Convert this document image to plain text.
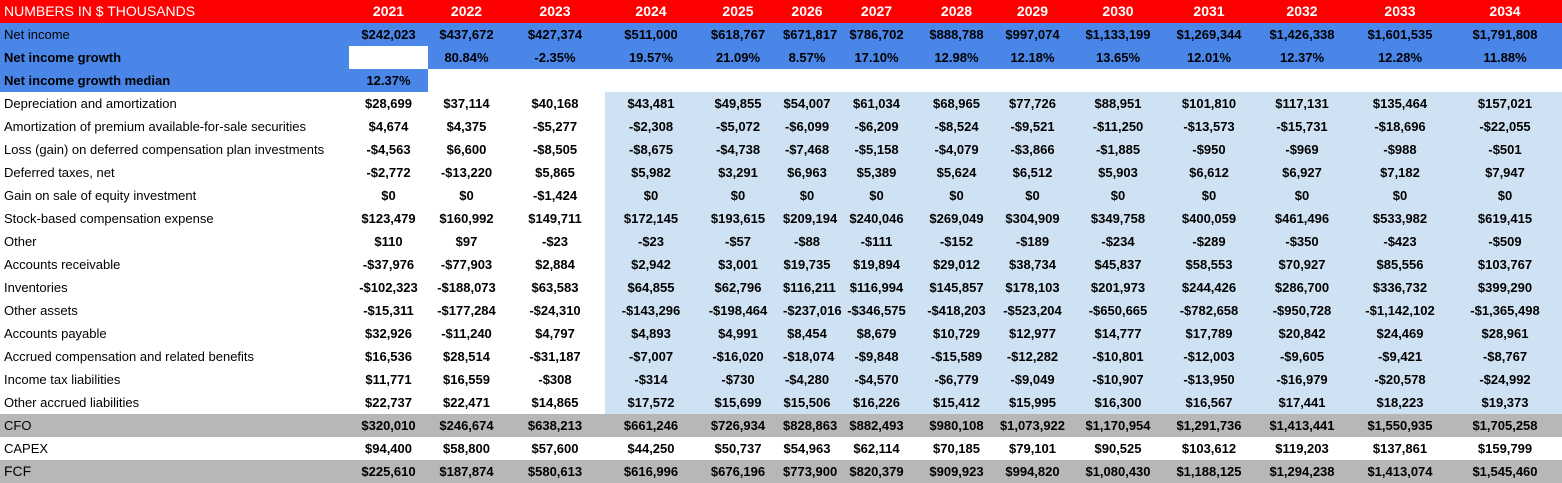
NUMBERS IN $ THOUSANDS	2021	2022	2023	2024	2025	2026	2027	2028	2029	2030	2031	2032	2033	2034
Net income	$242,023	$437,672	$427,374	$511,000	$618,767	$671,817	$786,702	$888,788	$997,074	$1,133,199	$1,269,344	$1,426,338	$1,601,535	$1,791,808
Net income growth		80.84%	-2.35%	19.57%	21.09%	8.57%	17.10%	12.98%	12.18%	13.65%	12.01%	12.37%	12.28%	11.88%
Net income growth median	12.37%													
Depreciation and amortization	$28,699	$37,114	$40,168	$43,481	$49,855	$54,007	$61,034	$68,965	$77,726	$88,951	$101,810	$117,131	$135,464	$157,021
Amortization of premium available-for-sale securities	$4,674	$4,375	-$5,277	-$2,308	-$5,072	-$6,099	-$6,209	-$8,524	-$9,521	-$11,250	-$13,573	-$15,731	-$18,696	-$22,055
Loss (gain) on deferred compensation plan investments	-$4,563	$6,600	-$8,505	-$8,675	-$4,738	-$7,468	-$5,158	-$4,079	-$3,866	-$1,885	-$950	-$969	-$988	-$501
Deferred taxes, net	-$2,772	-$13,220	$5,865	$5,982	$3,291	$6,963	$5,389	$5,624	$6,512	$5,903	$6,612	$6,927	$7,182	$7,947
Gain on sale of equity investment	$0	$0	-$1,424	$0	$0	$0	$0	$0	$0	$0	$0	$0	$0	$0
Stock-based compensation expense	$123,479	$160,992	$149,711	$172,145	$193,615	$209,194	$240,046	$269,049	$304,909	$349,758	$400,059	$461,496	$533,982	$619,415
Other	$110	$97	-$23	-$23	-$57	-$88	-$111	-$152	-$189	-$234	-$289	-$350	-$423	-$509
Accounts receivable	-$37,976	-$77,903	$2,884	$2,942	$3,001	$19,735	$19,894	$29,012	$38,734	$45,837	$58,553	$70,927	$85,556	$103,767
Inventories	-$102,323	-$188,073	$63,583	$64,855	$62,796	$116,211	$116,994	$145,857	$178,103	$201,973	$244,426	$286,700	$336,732	$399,290
Other assets	-$15,311	-$177,284	-$24,310	-$143,296	-$198,464	-$237,016	-$346,575	-$418,203	-$523,204	-$650,665	-$782,658	-$950,728	-$1,142,102	-$1,365,498
Accounts payable	$32,926	-$11,240	$4,797	$4,893	$4,991	$8,454	$8,679	$10,729	$12,977	$14,777	$17,789	$20,842	$24,469	$28,961
Accrued compensation and related benefits	$16,536	$28,514	-$31,187	-$7,007	-$16,020	-$18,074	-$9,848	-$15,589	-$12,282	-$10,801	-$12,003	-$9,605	-$9,421	-$8,767
Income tax liabilities	$11,771	$16,559	-$308	-$314	-$730	-$4,280	-$4,570	-$6,779	-$9,049	-$10,907	-$13,950	-$16,979	-$20,578	-$24,992
Other accrued liabilities	$22,737	$22,471	$14,865	$17,572	$15,699	$15,506	$16,226	$15,412	$15,995	$16,300	$16,567	$17,441	$18,223	$19,373
CFO	$320,010	$246,674	$638,213	$661,246	$726,934	$828,863	$882,493	$980,108	$1,073,922	$1,170,954	$1,291,736	$1,413,441	$1,550,935	$1,705,258
CAPEX	$94,400	$58,800	$57,600	$44,250	$50,737	$54,963	$62,114	$70,185	$79,101	$90,525	$103,612	$119,203	$137,861	$159,799
FCF	$225,610	$187,874	$580,613	$616,996	$676,196	$773,900	$820,379	$909,923	$994,820	$1,080,430	$1,188,125	$1,294,238	$1,413,074	$1,545,460
